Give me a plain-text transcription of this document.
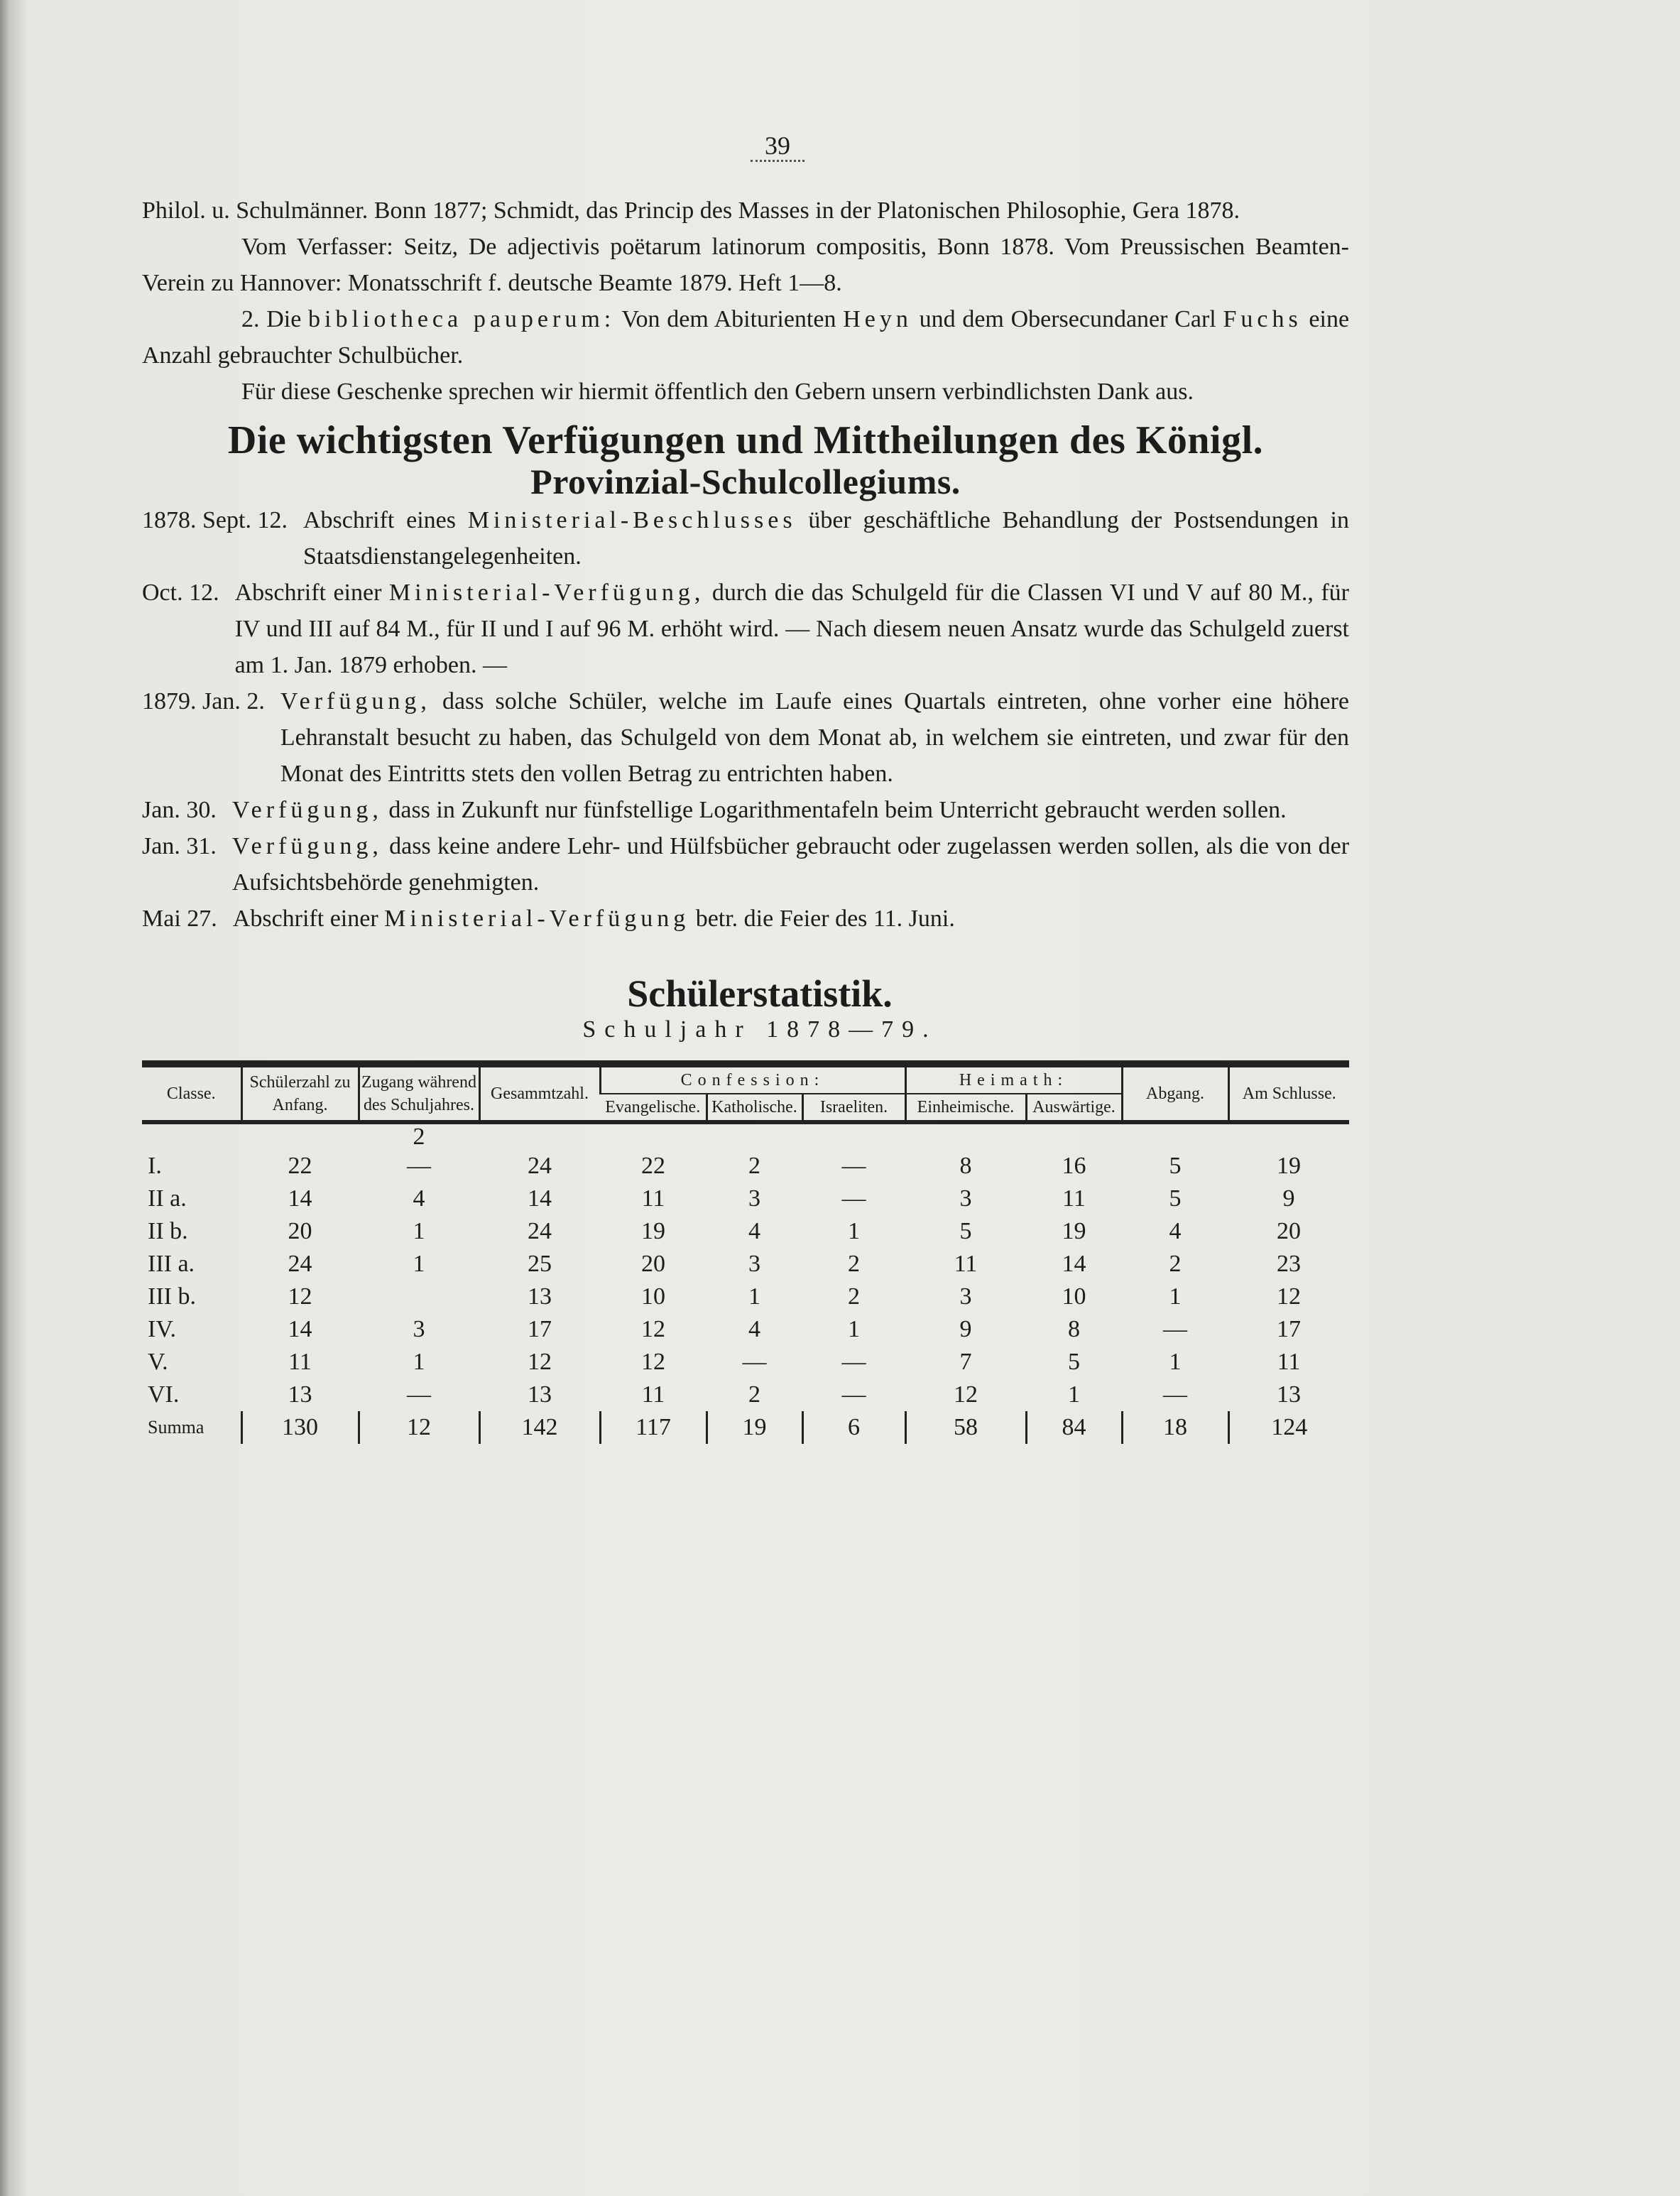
39

Philol. u. Schulmänner. Bonn 1877; Schmidt, das Princip des Masses in der Platonischen Philosophie, Gera 1878.

Vom Verfasser: Seitz, De adjectivis poëtarum latinorum compositis, Bonn 1878. Vom Preussischen Beamten-Verein zu Hannover: Monatsschrift f. deutsche Beamte 1879. Heft 1—8.

2. Die bibliotheca pauperum: Von dem Abiturienten Heyn und dem Obersecundaner Carl Fuchs eine Anzahl gebrauchter Schulbücher.

Für diese Geschenke sprechen wir hiermit öffentlich den Gebern unsern verbindlichsten Dank aus.

Die wichtigsten Verfügungen und Mittheilungen des Königl.
Provinzial-Schulcollegiums.
1878. Sept. 12. Abschrift eines Ministerial-Beschlusses über geschäftliche Behandlung der Postsendungen in Staatsdienstangelegenheiten.
Oct. 12. Abschrift einer Ministerial-Verfügung, durch die das Schulgeld für die Classen VI und V auf 80 M., für IV und III auf 84 M., für II und I auf 96 M. erhöht wird. — Nach diesem neuen Ansatz wurde das Schulgeld zuerst am 1. Jan. 1879 erhoben. —
1879. Jan. 2. Verfügung, dass solche Schüler, welche im Laufe eines Quartals eintreten, ohne vorher eine höhere Lehranstalt besucht zu haben, das Schulgeld von dem Monat ab, in welchem sie eintreten, und zwar für den Monat des Eintritts stets den vollen Betrag zu entrichten haben.
Jan. 30. Verfügung, dass in Zukunft nur fünfstellige Logarithmentafeln beim Unterricht gebraucht werden sollen.
Jan. 31. Verfügung, dass keine andere Lehr- und Hülfsbücher gebraucht oder zugelassen werden sollen, als die von der Aufsichtsbehörde genehmigten.
Mai 27. Abschrift einer Ministerial-Verfügung betr. die Feier des 11. Juni.
Schülerstatistik.
Schuljahr 1878—79.
Classe.	Schülerzahl zu Anfang.	Zugang während des Schuljahres.	Gesammtzahl.	Confession:			Heimath:		Abgang.	Am Schlusse.
				Evangelische.	Katholische.	Israeliten.	Einheimische.	Auswärtige.		
		2								
I.	22	—	24	22	2	—	8	16	5	19
II a.	14	4	14	11	3	—	3	11	5	9
II b.	20	1	24	19	4	1	5	19	4	20
III a.	24	1	25	20	3	2	11	14	2	23
III b.	12		13	10	1	2	3	10	1	12
IV.	14	3	17	12	4	1	9	8	—	17
V.	11	1	12	12	—	—	7	5	1	11
VI.	13	—	13	11	2	—	12	1	—	13
Summa	130	12	142	117	19	6	58	84	18	124
